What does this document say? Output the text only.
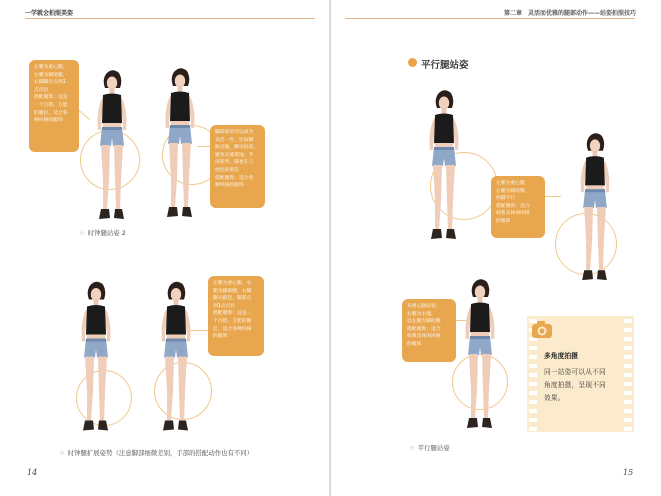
一学就会拍照美姿
左腿为重心腿，
右腿为辅助腿，
右脚脚尖点到1
点点位
搭配服饰：这是
一个百搭、万能
的腿位，适合各
种风格的服饰
脚部姿势可以流为
灵活一些，比如脚
跟点地，脚尖抬起，
避免尖部着地，手
部姿势，膝也在与
放松的姿态
搭配服饰：适合各
种风格的服饰
☆ 时钟腿站姿 2
左腿为重心腿，右
腿为辅助腿，右脚
脚尖踮起，脚掌点
到1点点位
搭配服饰：这是一
个百搭、万能的腿
位，适合各种风格
的服饰
☆ 时钟腿扩展姿势（注意脚部细微差别，手部的搭配动作也有不同）
14
第二章　灵活而优雅的腿部动作——站姿拍照技巧
平行腿站姿
左腿为重心腿，
右腿为辅助腿，
两脚平行
搭配服饰：适合
韩系及休闲风格
的服饰
双重心腿站姿，
右腿为主腿，
以左腿为辅助腿
搭配服饰：适合
韩系及休闲风格
的服饰
☆ 平行腿站姿
多角度拍摄
同一站姿可以从不同角度拍摄，呈现不同效果。
15
